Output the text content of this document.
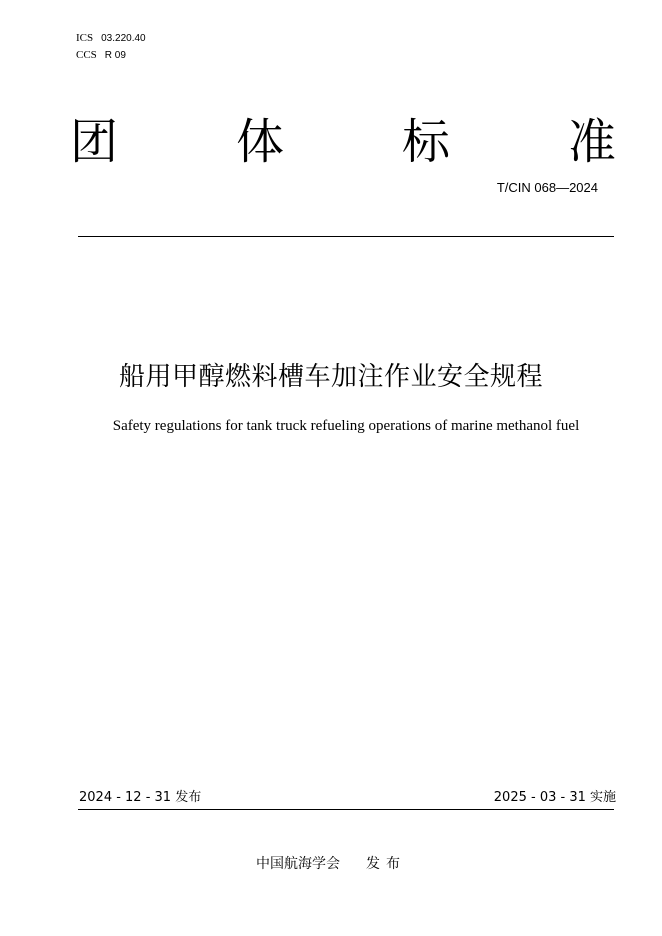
ICS 03.220.40
CCS R 09
团 体 标 准
T/CIN 068—2024
船用甲醇燃料槽车加注作业安全规程
Safety regulations for tank truck refueling operations of marine methanol fuel
2024 - 12 - 31 发布	2025 - 03 - 31 实施
中国航海学会 发布
